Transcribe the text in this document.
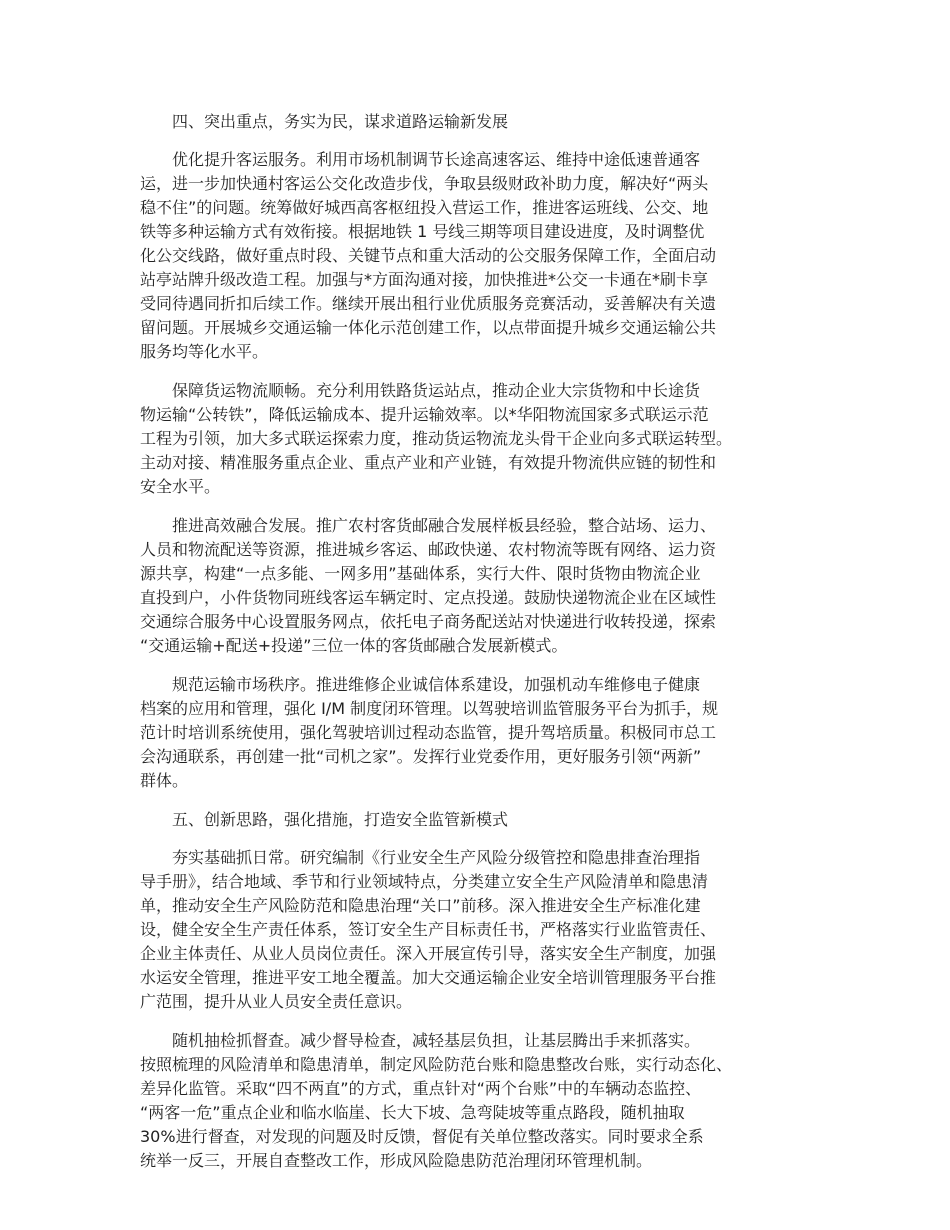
四、突出重点，务实为民，谋求道路运输新发展
优化提升客运服务。利用市场机制调节长途高速客运、维持中途低速普通客
运，进一步加快通村客运公交化改造步伐，争取县级财政补助力度，解决好“两头
稳不住”的问题。统筹做好城西高客枢纽投入营运工作，推进客运班线、公交、地
铁等多种运输方式有效衔接。根据地铁 1 号线三期等项目建设进度，及时调整优
化公交线路，做好重点时段、关键节点和重大活动的公交服务保障工作，全面启动
站亭站牌升级改造工程。加强与*方面沟通对接，加快推进*公交一卡通在*刷卡享
受同待遇同折扣后续工作。继续开展出租行业优质服务竞赛活动，妥善解决有关遗
留问题。开展城乡交通运输一体化示范创建工作，以点带面提升城乡交通运输公共
服务均等化水平。
保障货运物流顺畅。充分利用铁路货运站点，推动企业大宗货物和中长途货
物运输“公转铁”，降低运输成本、提升运输效率。以*华阳物流国家多式联运示范
工程为引领，加大多式联运探索力度，推动货运物流龙头骨干企业向多式联运转型。
主动对接、精准服务重点企业、重点产业和产业链，有效提升物流供应链的韧性和
安全水平。
推进高效融合发展。推广农村客货邮融合发展样板县经验，整合站场、运力、
人员和物流配送等资源，推进城乡客运、邮政快递、农村物流等既有网络、运力资
源共享，构建“一点多能、一网多用”基础体系，实行大件、限时货物由物流企业
直投到户，小件货物同班线客运车辆定时、定点投递。鼓励快递物流企业在区域性
交通综合服务中心设置服务网点，依托电子商务配送站对快递进行收转投递，探索
“交通运输+配送+投递”三位一体的客货邮融合发展新模式。
规范运输市场秩序。推进维修企业诚信体系建设，加强机动车维修电子健康
档案的应用和管理，强化 I/M 制度闭环管理。以驾驶培训监管服务平台为抓手，规
范计时培训系统使用，强化驾驶培训过程动态监管，提升驾培质量。积极同市总工
会沟通联系，再创建一批“司机之家”。发挥行业党委作用，更好服务引领“两新”
群体。
五、创新思路，强化措施，打造安全监管新模式
夯实基础抓日常。研究编制《行业安全生产风险分级管控和隐患排查治理指
导手册》，结合地域、季节和行业领域特点，分类建立安全生产风险清单和隐患清
单，推动安全生产风险防范和隐患治理“关口”前移。深入推进安全生产标准化建
设，健全安全生产责任体系，签订安全生产目标责任书，严格落实行业监管责任、
企业主体责任、从业人员岗位责任。深入开展宣传引导，落实安全生产制度，加强
水运安全管理，推进平安工地全覆盖。加大交通运输企业安全培训管理服务平台推
广范围，提升从业人员安全责任意识。
随机抽检抓督查。减少督导检查，减轻基层负担，让基层腾出手来抓落实。
按照梳理的风险清单和隐患清单，制定风险防范台账和隐患整改台账，实行动态化、
差异化监管。采取“四不两直”的方式，重点针对“两个台账”中的车辆动态监控、
“两客一危”重点企业和临水临崖、长大下坡、急弯陡坡等重点路段，随机抽取
30%进行督查，对发现的问题及时反馈，督促有关单位整改落实。同时要求全系
统举一反三，开展自查整改工作，形成风险隐患防范治理闭环管理机制。
